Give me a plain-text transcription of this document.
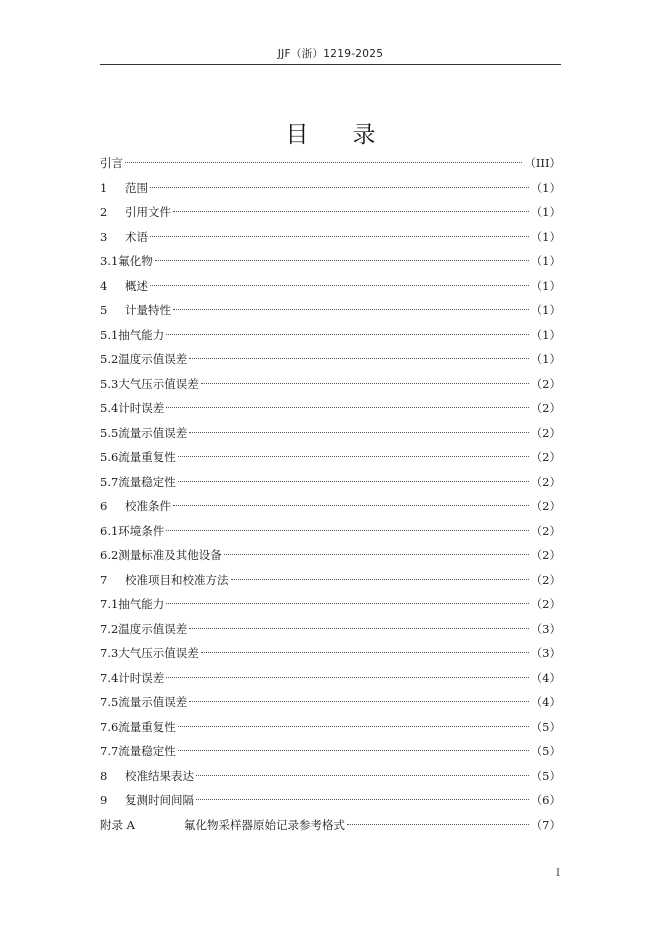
JJF（浙）1219-2025
目录
引言	（III）
1	范围	（1）
2	引用文件	（1）
3	术语	（1）
3.1 氟化物	（1）
4	概述	（1）
5	计量特性	（1）
5.1 抽气能力	（1）
5.2 温度示值误差	（1）
5.3 大气压示值误差	（2）
5.4 计时误差	（2）
5.5 流量示值误差	（2）
5.6 流量重复性	（2）
5.7 流量稳定性	（2）
6	校准条件	（2）
6.1 环境条件	（2）
6.2 测量标准及其他设备	（2）
7	校准项目和校准方法	（2）
7.1 抽气能力	（2）
7.2 温度示值误差	（3）
7.3 大气压示值误差	（3）
7.4 计时误差	（4）
7.5 流量示值误差	（4）
7.6 流量重复性	（5）
7.7 流量稳定性	（5）
8	校准结果表达	（5）
9	复测时间间隔	（6）
附录 A	氟化物采样器原始记录参考格式	（7）
I
